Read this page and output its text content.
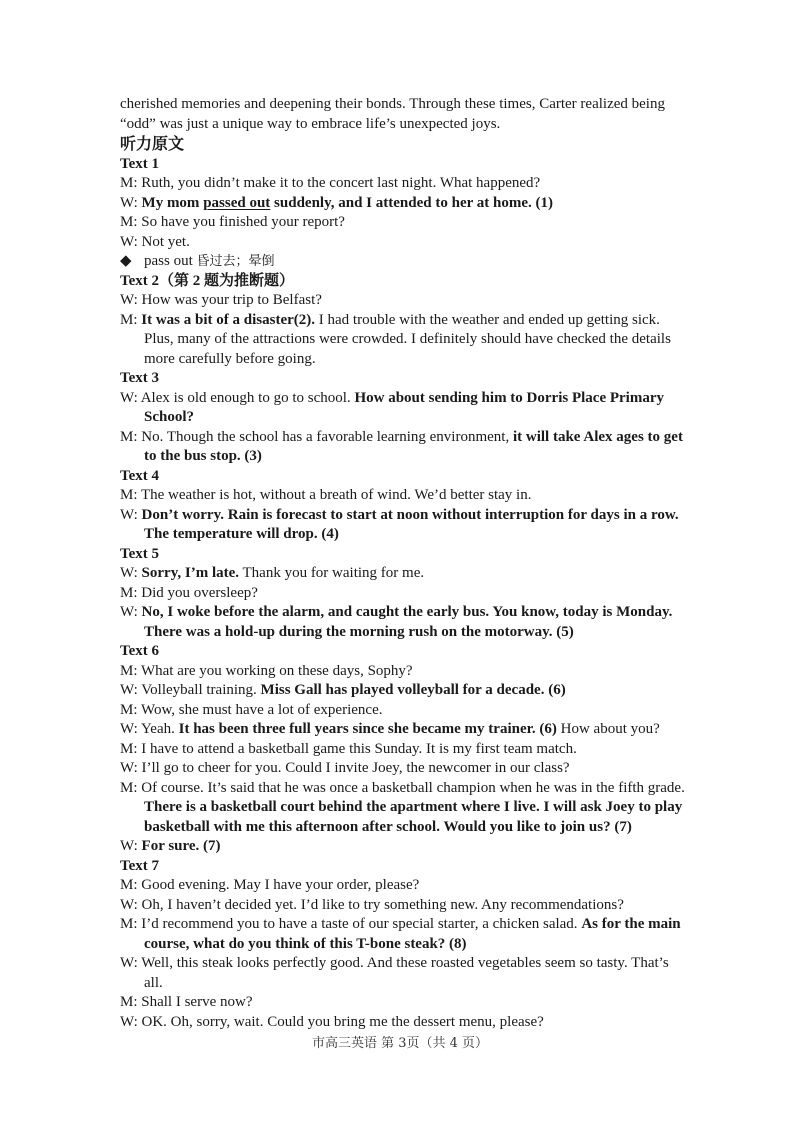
cherished memories and deepening their bonds. Through these times, Carter realized being
“odd” was just a unique way to embrace life’s unexpected joys.
听力原文
Text 1
M: Ruth, you didn’t make it to the concert last night. What happened?
W: My mom passed out suddenly, and I attended to her at home. (1)
M: So have you finished your report?
W: Not yet.
◆ pass out 昏过去；晕倒
Text 2（第 2 题为推断题）
W: How was your trip to Belfast?
M: It was a bit of a disaster(2). I had trouble with the weather and ended up getting sick.
Plus, many of the attractions were crowded. I definitely should have checked the details
more carefully before going.
Text 3
W: Alex is old enough to go to school. How about sending him to Dorris Place Primary
School?
M: No. Though the school has a favorable learning environment, it will take Alex ages to get
to the bus stop. (3)
Text 4
M: The weather is hot, without a breath of wind. We’d better stay in.
W: Don’t worry. Rain is forecast to start at noon without interruption for days in a row.
The temperature will drop. (4)
Text 5
W: Sorry, I’m late. Thank you for waiting for me.
M: Did you oversleep?
W: No, I woke before the alarm, and caught the early bus. You know, today is Monday.
There was a hold-up during the morning rush on the motorway. (5)
Text 6
M: What are you working on these days, Sophy?
W: Volleyball training. Miss Gall has played volleyball for a decade. (6)
M: Wow, she must have a lot of experience.
W: Yeah. It has been three full years since she became my trainer. (6) How about you?
M: I have to attend a basketball game this Sunday. It is my first team match.
W: I’ll go to cheer for you. Could I invite Joey, the newcomer in our class?
M: Of course. It’s said that he was once a basketball champion when he was in the fifth grade.
There is a basketball court behind the apartment where I live. I will ask Joey to play
basketball with me this afternoon after school. Would you like to join us? (7)
W: For sure. (7)
Text 7
M: Good evening. May I have your order, please?
W: Oh, I haven’t decided yet. I’d like to try something new. Any recommendations?
M: I’d recommend you to have a taste of our special starter, a chicken salad. As for the main
course, what do you think of this T-bone steak? (8)
W: Well, this steak looks perfectly good. And these roasted vegetables seem so tasty. That’s
all.
M: Shall I serve now?
W: OK. Oh, sorry, wait. Could you bring me the dessert menu, please?
市高三英语 第 3页（共 4 页）
